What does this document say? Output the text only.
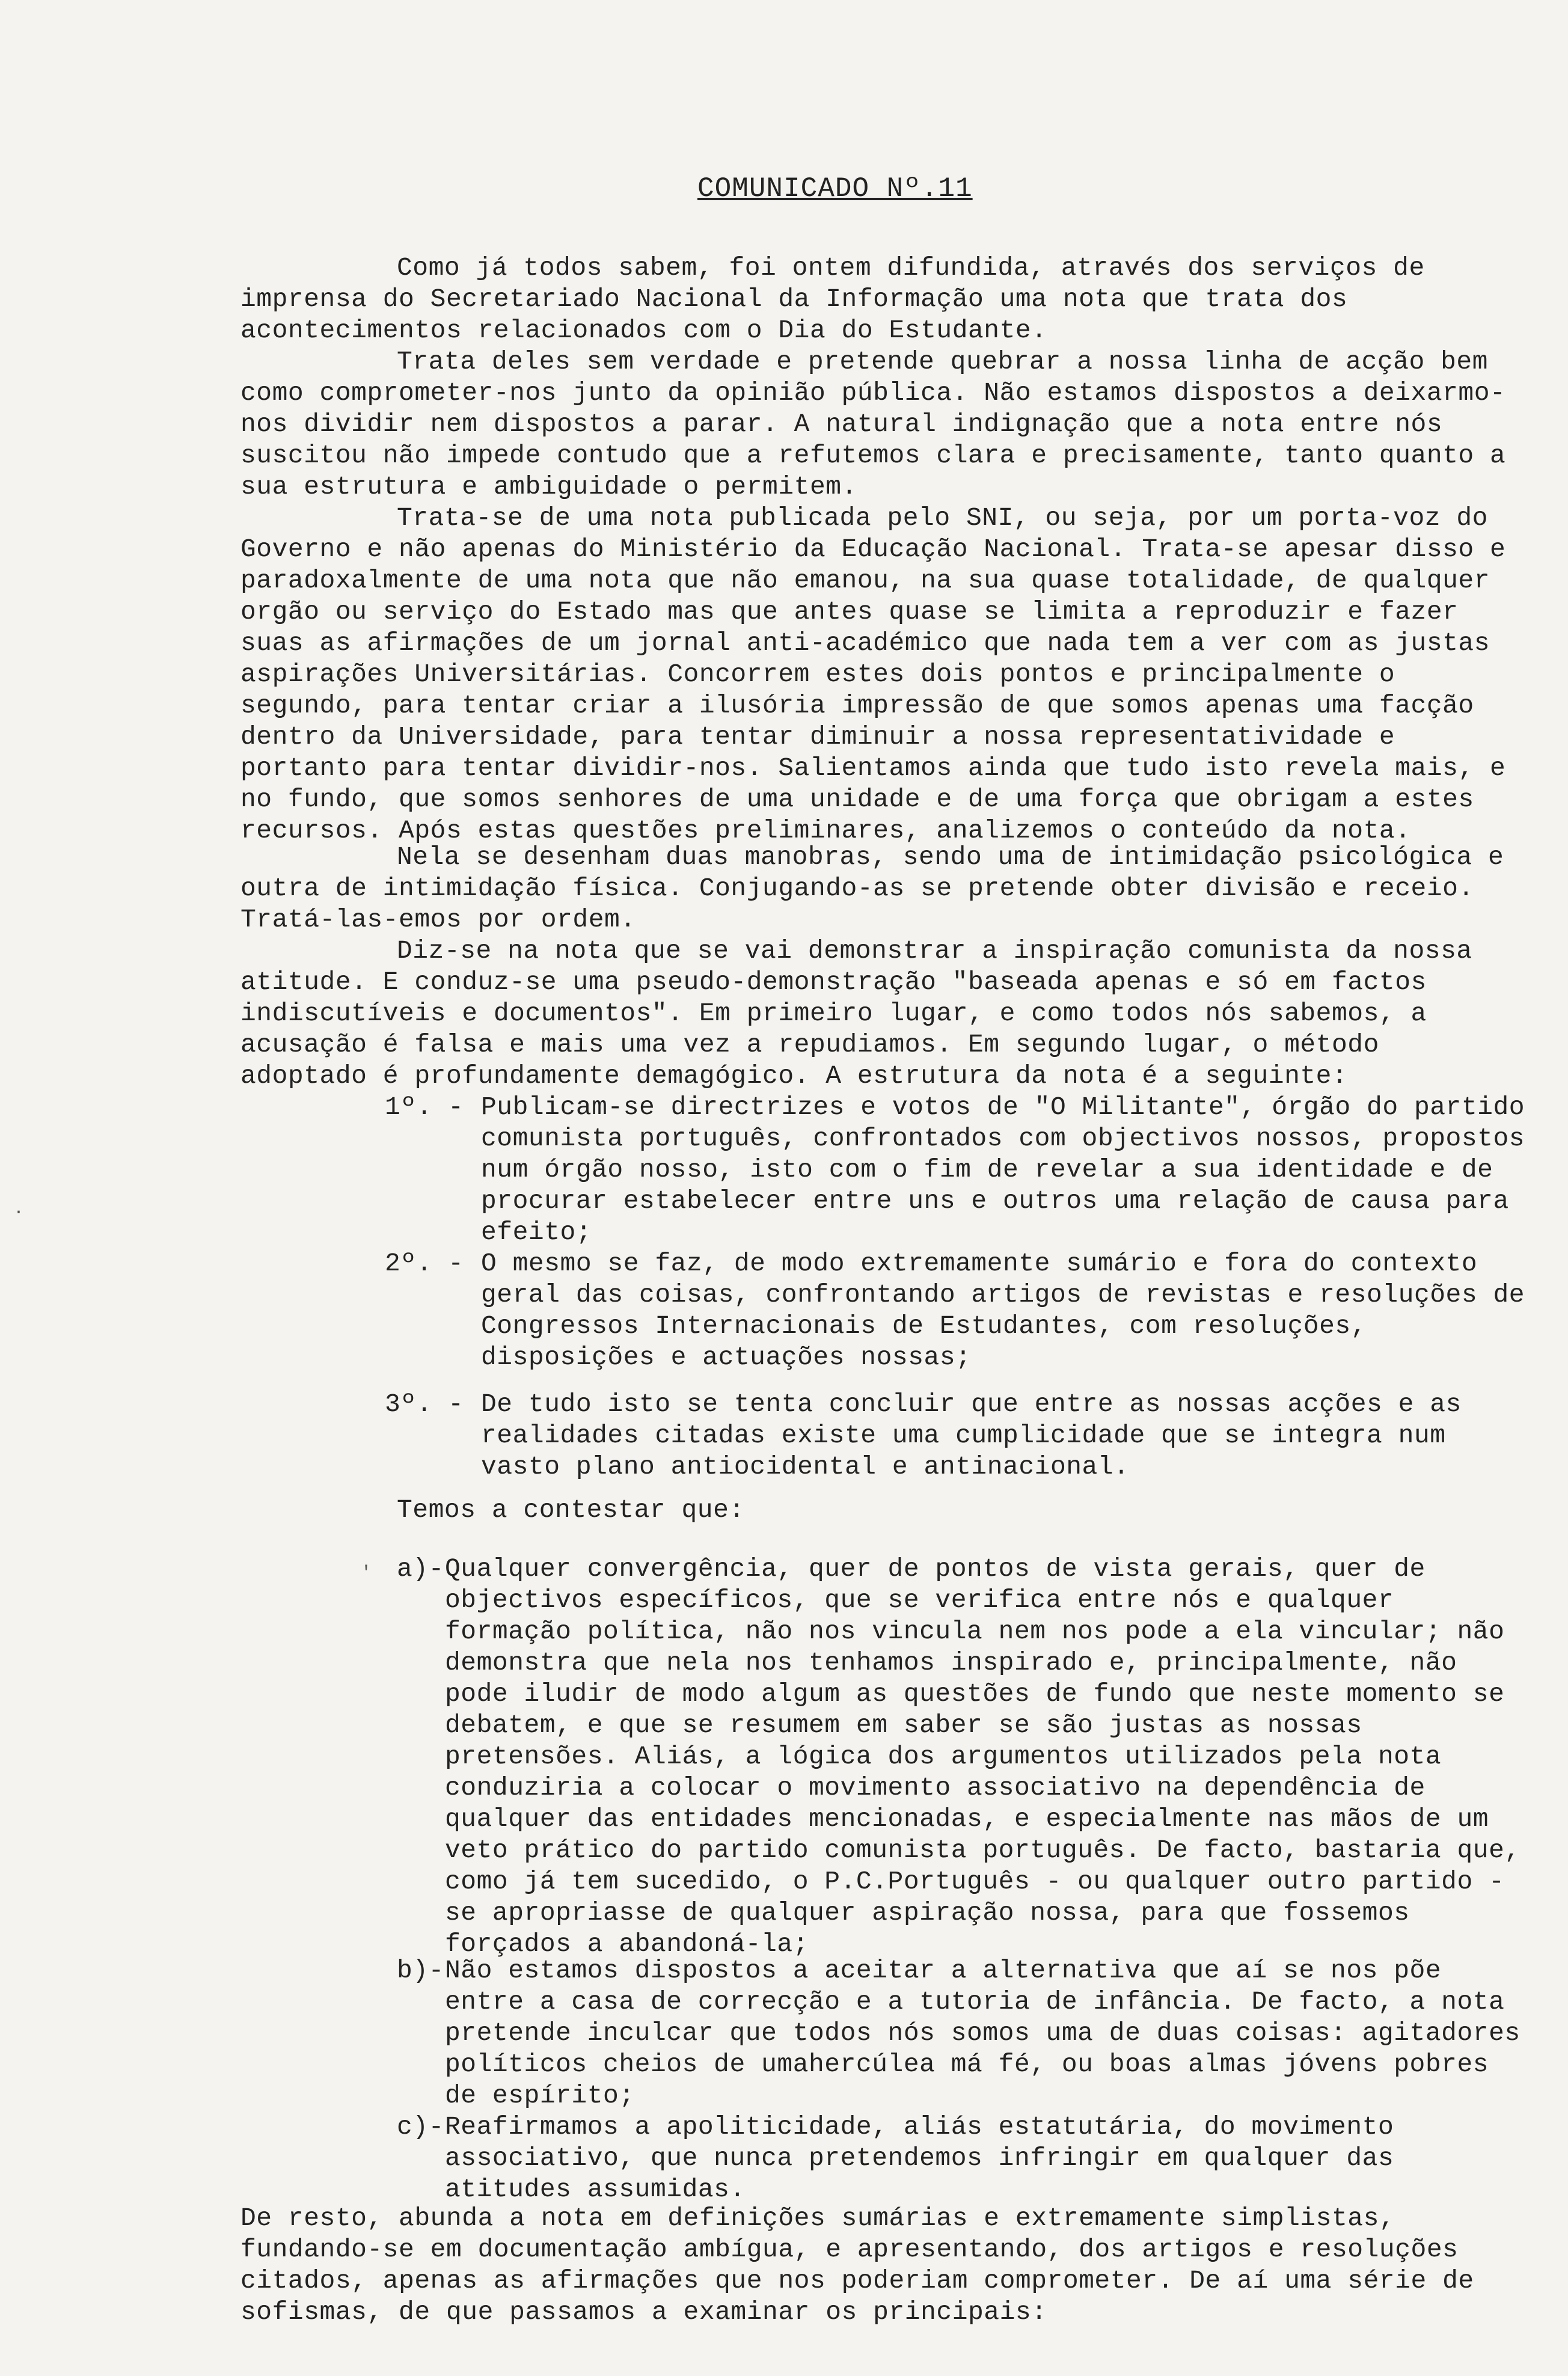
COMUNICADO Nº.11

Como já todos sabem, foi ontem difundida, através dos serviços de imprensa do Secretariado Nacional da Informação uma nota que trata dos acontecimentos relacionados com o Dia do Estudante.

Trata deles sem verdade e pretende quebrar a nossa linha de acção bem como comprometer-nos junto da opinião pública. Não estamos dispostos a deixarmo-nos dividir nem dispostos a parar. A natural indignação que a nota entre nós suscitou não impede contudo que a refutemos clara e precisamente, tanto quanto a sua estrutura e ambiguidade o permitem.

Trata-se de uma nota publicada pelo SNI, ou seja, por um porta-voz do Governo e não apenas do Ministério da Educação Nacional. Trata-se apesar disso e paradoxalmente de uma nota que não emanou, na sua quase totalidade, de qualquer orgão ou serviço do Estado mas que antes quase se limita a reproduzir e fazer suas as afirmações de um jornal anti-académico que nada tem a ver com as justas aspirações Universitárias. Concorrem estes dois pontos e principalmente o segundo, para tentar criar a ilusória impressão de que somos apenas uma facção dentro da Universidade, para tentar diminuir a nossa representatividade e portanto para tentar dividir-nos. Salientamos ainda que tudo isto revela mais, e no fundo, que somos senhores de uma unidade e de uma força que obrigam a estes recursos. Após estas questões preliminares, analizemos o conteúdo da nota.

Nela se desenham duas manobras, sendo uma de intimidação psicológica e outra de intimidação física. Conjugando-as se pretende obter divisão e receio. Tratá-las-emos por ordem.

Diz-se na nota que se vai demonstrar a inspiração comunista da nossa atitude. E conduz-se uma pseudo-demonstração "baseada apenas e só em factos indiscutíveis e documentos". Em primeiro lugar, e como todos nós sabemos, a acusação é falsa e mais uma vez a repudiamos. Em segundo lugar, o método adoptado é profundamente demagógico. A estrutura da nota é a seguinte:

1º. - Publicam-se directrizes e votos de "O Militante", órgão do partido comunista português, confrontados com objectivos nossos, propostos num órgão nosso, isto com o fim de revelar a sua identidade e de procurar estabelecer entre uns e outros uma relação de causa para efeito;

2º. - O mesmo se faz, de modo extremamente sumário e fora do contexto geral das coisas, confrontando artigos de revistas e resoluções de Congressos Internacionais de Estudantes, com resoluções, disposições e actuações nossas;

3º. - De tudo isto se tenta concluir que entre as nossas acções e as realidades citadas existe uma cumplicidade que se integra num vasto plano antiocidental e antinacional.

Temos a contestar que:

a)- Qualquer convergência, quer de pontos de vista gerais, quer de objectivos específicos, que se verifica entre nós e qualquer formação política, não nos vincula nem nos pode a ela vincular; não demonstra que nela nos tenhamos inspirado e, principalmente, não pode iludir de modo algum as questões de fundo que neste momento se debatem, e que se resumem em saber se são justas as nossas pretensões. Aliás, a lógica dos argumentos utilizados pela nota conduziria a colocar o movimento associativo na dependência de qualquer das entidades mencionadas, e especialmente nas mãos de um veto prático do partido comunista português. De facto, bastaria que, como já tem sucedido, o P.C.Português - ou qualquer outro partido - se apropriasse de qualquer aspiração nossa, para que fossemos forçados a abandoná-la;

b)- Não estamos dispostos a aceitar a alternativa que aí se nos põe entre a casa de correcção e a tutoria de infância. De facto, a nota pretende inculcar que todos nós somos uma de duas coisas: agitadores políticos cheios de umahercúlea má fé, ou boas almas jóvens pobres de espírito;

c)- Reafirmamos a apoliticidade, aliás estatutária, do movimento associativo, que nunca pretendemos infringir em qualquer das atitudes assumidas.

De resto, abunda a nota em definições sumárias e extremamente simplistas, fundando-se em documentação ambígua, e apresentando, dos artigos e resoluções citados, apenas as afirmações que nos poderiam comprometer. De aí uma série de sofismas, de que passamos a examinar os principais:

·
'
